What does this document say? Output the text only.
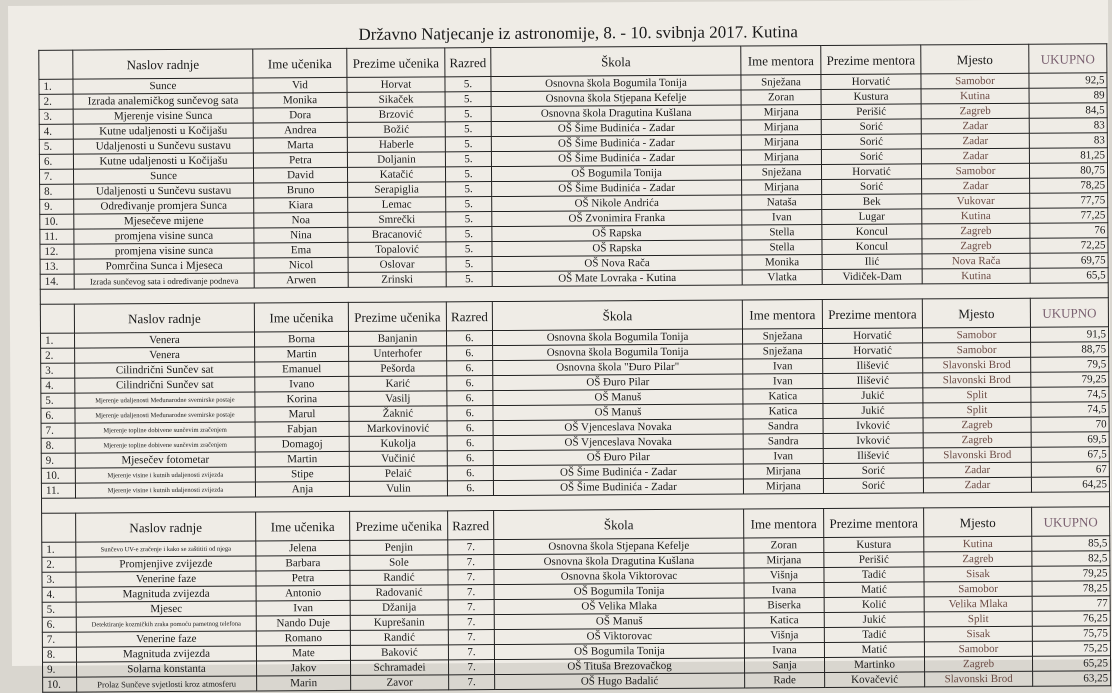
Državno Natjecanje iz astronomije, 8. - 10. svibnja 2017. Kutina
	Naslov radnje	Ime učenika	Prezime učenika	Razred	Škola	Ime mentora	Prezime mentora	Mjesto	UKUPNO
1.	Sunce	Vid	Horvat	5.	Osnovna škola Bogumila Tonija	Snježana	Horvatić	Samobor	92,5
2.	Izrada analemičkog sunčevog sata	Monika	Sikaček	5.	Osnovna škola Stjepana Kefelje	Zoran	Kustura	Kutina	89
3.	Mjerenje visine Sunca	Dora	Brzović	5.	Osnovna škola Dragutina Kušlana	Mirjana	Perišić	Zagreb	84,5
4.	Kutne udaljenosti u Kočijašu	Andrea	Božić	5.	OŠ Šime Budinića - Zadar	Mirjana	Sorić	Zadar	83
5.	Udaljenosti u Sunčevu sustavu	Marta	Haberle	5.	OŠ Šime Budinića - Zadar	Mirjana	Sorić	Zadar	83
6.	Kutne udaljenosti u Kočijašu	Petra	Doljanin	5.	OŠ Šime Budinića - Zadar	Mirjana	Sorić	Zadar	81,25
7.	Sunce	David	Katačić	5.	OŠ Bogumila Tonija	Snježana	Horvatić	Samobor	80,75
8.	Udaljenosti u Sunčevu sustavu	Bruno	Serapiglia	5.	OŠ Šime Budinića - Zadar	Mirjana	Sorić	Zadar	78,25
9.	Određivanje promjera Sunca	Kiara	Lemac	5.	OŠ Nikole Andrića	Nataša	Bek	Vukovar	77,75
10.	Mjesečeve mijene	Noa	Smrečki	5.	OŠ Zvonimira Franka	Ivan	Lugar	Kutina	77,25
11.	promjena visine sunca	Nina	Bracanović	5.	OŠ Rapska	Stella	Koncul	Zagreb	76
12.	promjena visine sunca	Ema	Topalović	5.	OŠ Rapska	Stella	Koncul	Zagreb	72,25
13.	Pomrčina Sunca i Mjeseca	Nicol	Oslovar	5.	OŠ Nova Rača	Monika	Ilić	Nova Rača	69,75
14.	Izrada sunčevog sata i određivanje podneva	Arwen	Zrinski	5.	OŠ Mate Lovraka - Kutina	Vlatka	Vidiček-Dam	Kutina	65,5

	Naslov radnje	Ime učenika	Prezime učenika	Razred	Škola	Ime mentora	Prezime mentora	Mjesto	UKUPNO
1.	Venera	Borna	Banjanin	6.	Osnovna škola Bogumila Tonija	Snježana	Horvatić	Samobor	91,5
2.	Venera	Martin	Unterhofer	6.	Osnovna škola Bogumila Tonija	Snježana	Horvatić	Samobor	88,75
3.	Cilindrični Sunčev sat	Emanuel	Pešorda	6.	Osnovna škola "Đuro Pilar"	Ivan	Ilišević	Slavonski Brod	79,5
4.	Cilindrični Sunčev sat	Ivano	Karić	6.	OŠ Đuro Pilar	Ivan	Ilišević	Slavonski Brod	79,25
5.	Mjerenje udaljenosti Međunarodne svemirske postaje	Korina	Vasilj	6.	OŠ Manuš	Katica	Jukić	Split	74,5
6.	Mjerenje udaljenosti Međunarodne svemirske postaje	Marul	Žaknić	6.	OŠ Manuš	Katica	Jukić	Split	74,5
7.	Mjerenje topline dobivene sunčevim zračenjem	Fabjan	Markovinović	6.	OŠ Vjenceslava Novaka	Sandra	Ivković	Zagreb	70
8.	Mjerenje topline dobivene sunčevim zračenjem	Domagoj	Kukolja	6.	OŠ Vjenceslava Novaka	Sandra	Ivković	Zagreb	69,5
9.	Mjesečev fotometar	Martin	Vučinić	6.	OŠ Đuro Pilar	Ivan	Ilišević	Slavonski Brod	67,5
10.	Mjerenje visine i kutnih udaljenosti zvijezda	Stipe	Pelaić	6.	OŠ Šime Budinića - Zadar	Mirjana	Sorić	Zadar	67
11.	Mjerenje visine i kutnih udaljenosti zvijezda	Anja	Vulin	6.	OŠ Šime Budinića - Zadar	Mirjana	Sorić	Zadar	64,25

	Naslov radnje	Ime učenika	Prezime učenika	Razred	Škola	Ime mentora	Prezime mentora	Mjesto	UKUPNO
1.	Sunčevo UV-e zračenje i kako se zaštititi od njega	Jelena	Penjin	7.	Osnovna škola Stjepana Kefelje	Zoran	Kustura	Kutina	85,5
2.	Promjenjive zvijezde	Barbara	Sole	7.	Osnovna škola Dragutina Kušlana	Mirjana	Perišić	Zagreb	82,5
3.	Venerine faze	Petra	Randić	7.	Osnovna škola Viktorovac	Višnja	Tadić	Sisak	79,25
4.	Magnituda zvijezda	Antonio	Radovanić	7.	OŠ Bogumila Tonija	Ivana	Matić	Samobor	78,25
5.	Mjesec	Ivan	Džanija	7.	OŠ Velika Mlaka	Biserka	Kolić	Velika Mlaka	77
6.	Detektiranje kozmičkih zraka pomoću pametnog telefona	Nando Duje	Kuprešanin	7.	OŠ Manuš	Katica	Jukić	Split	76,25
7.	Venerine faze	Romano	Randić	7.	OŠ Viktorovac	Višnja	Tadić	Sisak	75,75
8.	Magnituda zvijezda	Mate	Baković	7.	OŠ Bogumila Tonija	Ivana	Matić	Samobor	75,25
9.	Solarna konstanta	Jakov	Schramadei	7.	OŠ Tituša Brezovačkog	Sanja	Martinko	Zagreb	65,25
10.	Prolaz Sunčeve svjetlosti kroz atmosferu	Marin	Zavor	7.	OŠ Hugo Badalić	Rade	Kovačević	Slavonski Brod	63,25
